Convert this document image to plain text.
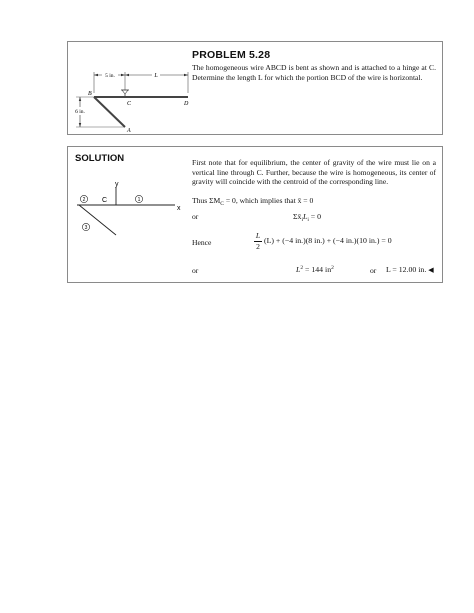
5 in.	L
6 in.
B
C	D
A
PROBLEM 5.28
The homogeneous wire ABCD is bent as shown and is attached to a hinge at C. Determine the length L for which the portion BCD of the wire is horizontal.
SOLUTION
y
x
C
2	1
3
First note that for equilibrium, the center of gravity of the wire must lie on a vertical line through C. Further, because the wire is homogeneous, its center of gravity will coincide with the centroid of the corresponding line.
Thus $\Sigma M_C = 0$, which implies that x̄ = 0
or	$\Sigma x̄_iL_i = 0$
Hence
L
2
(L) + (−4 in.)(8 in.) + (−4 in.)(10 in.) = 0
or	$L^2 = 144$ $in^2$	or L = 12.00 in. ◀
